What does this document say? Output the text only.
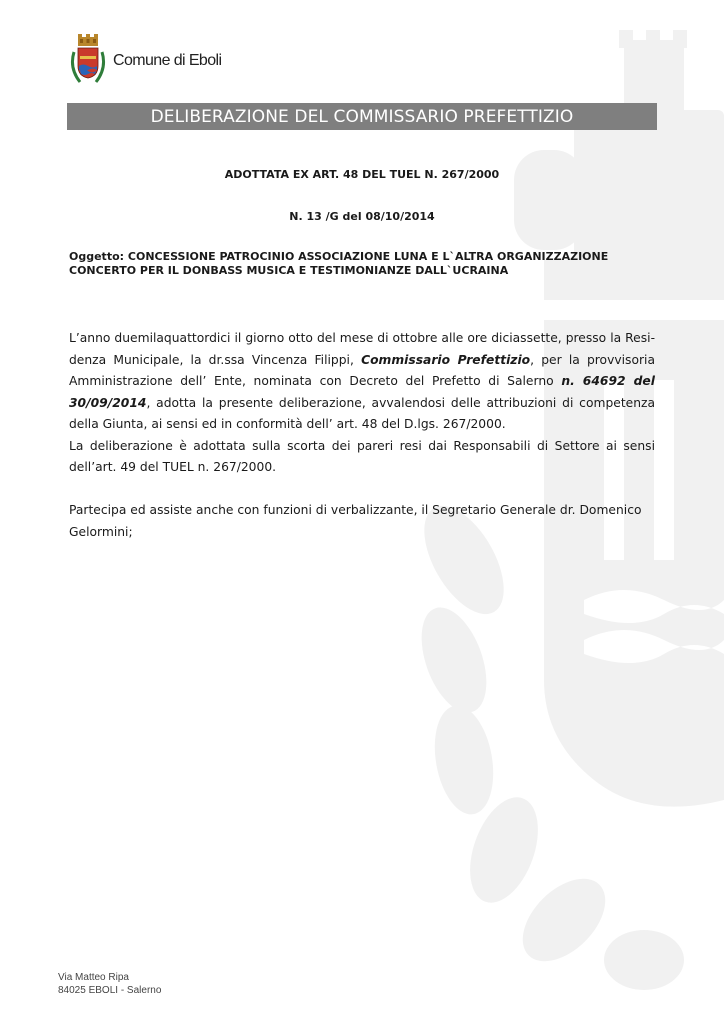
Comune di Eboli
DELIBERAZIONE DEL COMMISSARIO PREFETTIZIO
ADOTTATA EX ART. 48 DEL TUEL N. 267/2000
N. 13 /G del 08/10/2014
Oggetto: CONCESSIONE PATROCINIO ASSOCIAZIONE LUNA E L`ALTRA ORGANIZZAZIONE CONCERTO PER IL DONBASS MUSICA E TESTIMONIANZE DALL`UCRAINA

L’anno duemilaquattordici il giorno otto del mese di ottobre alle ore diciassette, presso la Residenza Municipale, la dr.ssa Vincenza Filippi, Commissario Prefettizio, per la provvisoria Amministrazione dell’ Ente, nominata con Decreto del Prefetto di Salerno n. 64692 del 30/09/2014, adotta la presente deliberazione, avvalendosi delle attribuzioni di competenza della Giunta, ai sensi ed in conformità dell’ art. 48 del D.lgs. 267/2000.

La deliberazione è adottata sulla scorta dei pareri resi dai Responsabili di Settore ai sensi dell’art. 49 del TUEL n. 267/2000.

Partecipa ed assiste anche con funzioni di verbalizzante, il Segretario Generale dr. Domenico Gelormini;

Via Matteo Ripa
84025 EBOLI - Salerno
